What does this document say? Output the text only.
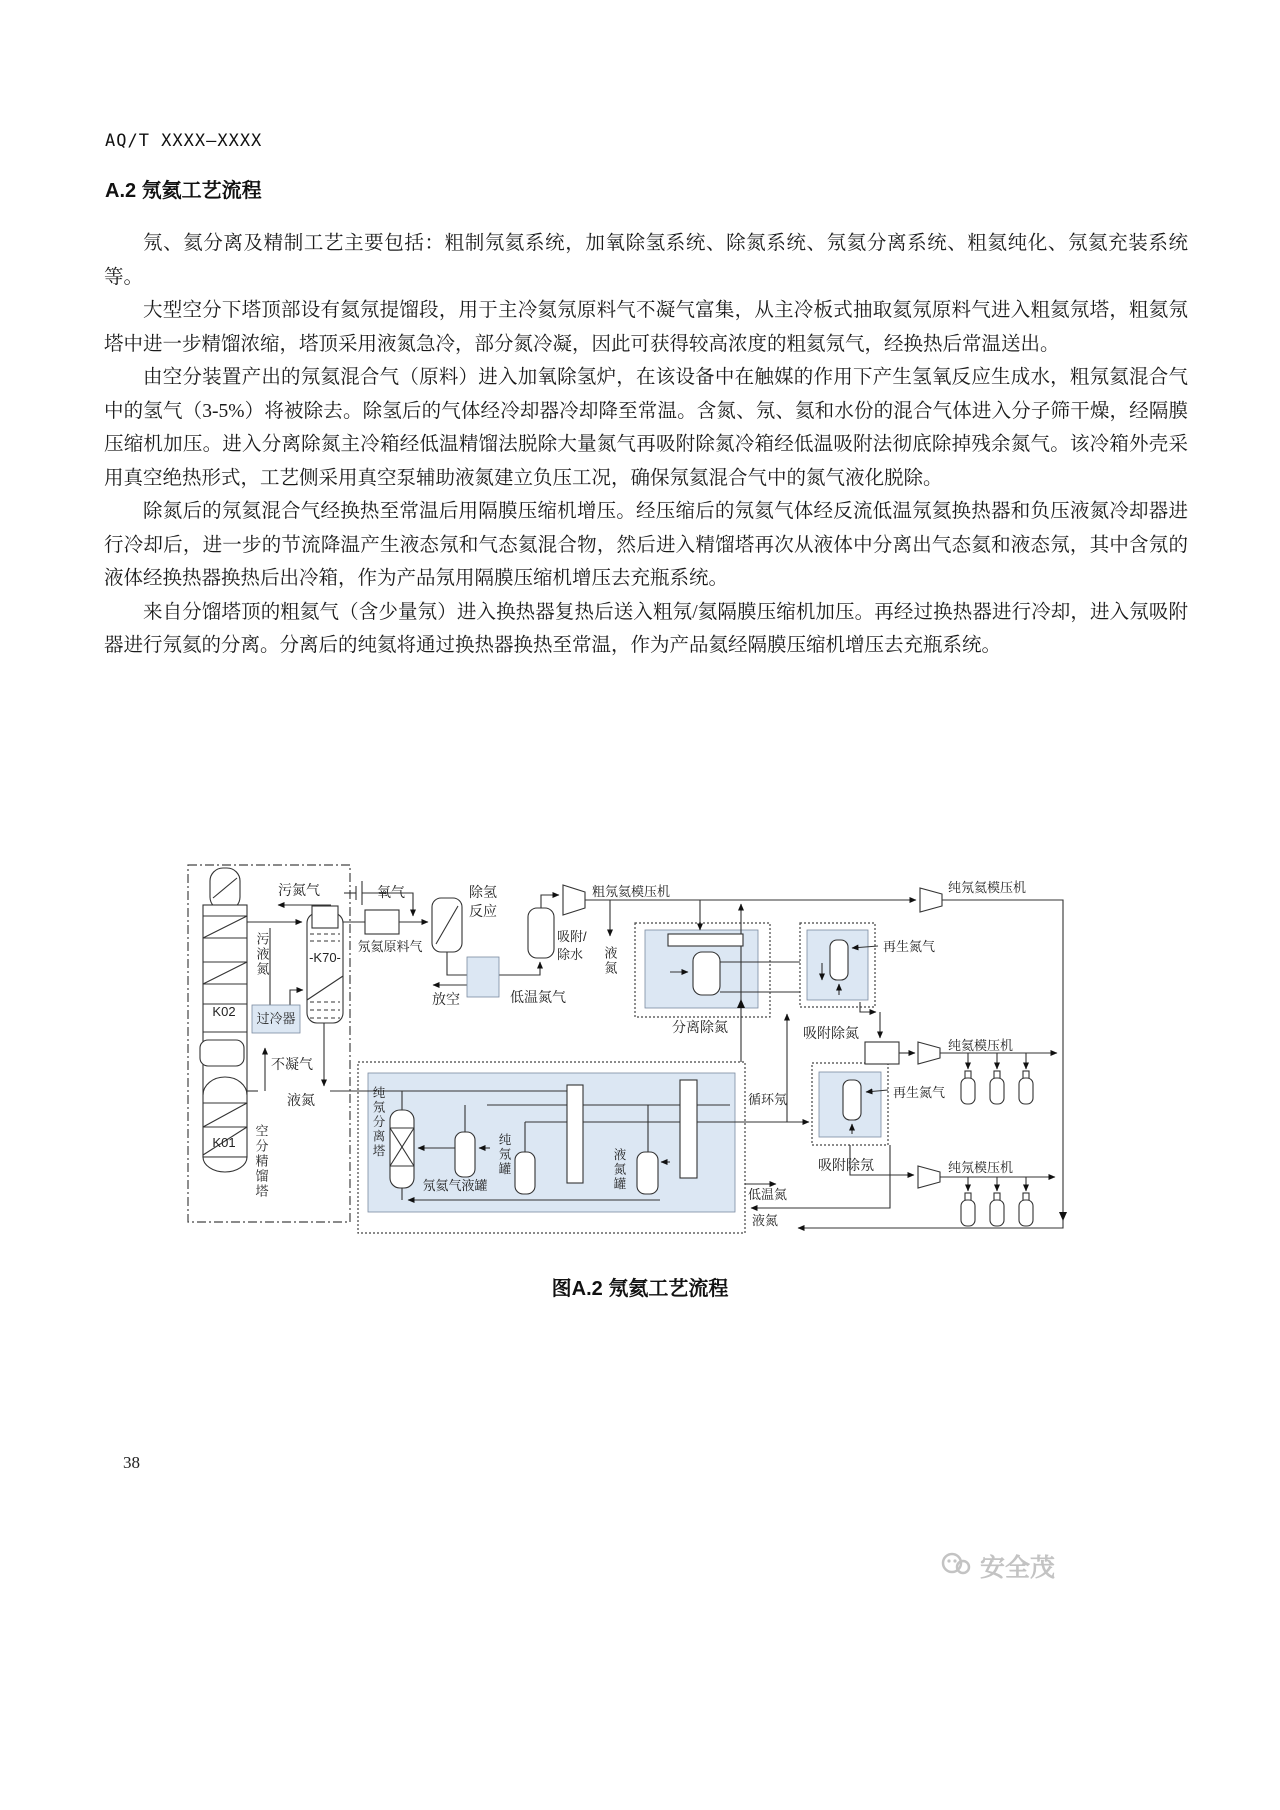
AQ/T XXXX—XXXX
A.2 氖氦工艺流程

氖、氦分离及精制工艺主要包括：粗制氖氦系统，加氧除氢系统、除氮系统、氖氦分离系统、粗氦纯化、氖氦充装系统等。

大型空分下塔顶部设有氦氖提馏段，用于主冷氦氖原料气不凝气富集，从主冷板式抽取氦氖原料气进入粗氦氖塔，粗氦氖塔中进一步精馏浓缩，塔顶采用液氮急冷，部分氮冷凝，因此可获得较高浓度的粗氦氖气，经换热后常温送出。

由空分装置产出的氖氦混合气（原料）进入加氧除氢炉，在该设备中在触媒的作用下产生氢氧反应生成水，粗氖氦混合气中的氢气（3-5%）将被除去。除氢后的气体经冷却器冷却降至常温。含氮、氖、氦和水份的混合气体进入分子筛干燥，经隔膜压缩机加压。进入分离除氮主冷箱经低温精馏法脱除大量氮气再吸附除氮冷箱经低温吸附法彻底除掉残余氮气。该冷箱外壳采用真空绝热形式，工艺侧采用真空泵辅助液氮建立负压工况，确保氖氦混合气中的氮气液化脱除。

除氮后的氖氦混合气经换热至常温后用隔膜压缩机增压。经压缩后的氖氦气体经反流低温氖氦换热器和负压液氮冷却器进行冷却后，进一步的节流降温产生液态氖和气态氦混合物，然后进入精馏塔再次从液体中分离出气态氦和液态氖，其中含氖的液体经换热器换热后出冷箱，作为产品氖用隔膜压缩机增压去充瓶系统。

来自分馏塔顶的粗氦气（含少量氖）进入换热器复热后送入粗氖/氦隔膜压缩机加压。再经过换热器进行冷却，进入氖吸附器进行氖氦的分离。分离后的纯氦将通过换热器换热至常温，作为产品氦经隔膜压缩机增压去充瓶系统。

K02
K01 空分精馏塔
-K70-
过冷器
污氮气
污液氮
不凝气
液氮
氧气
氖氦原料气
除氢
反应
放空	低温氮气
吸附/
除水
粗氖氦模压机
液氮
分离除氮	吸附除氮
再生氮气
纯氖氦模压机
纯氦模压机
循环氖
吸附除氖
再生氮气
纯氖模压机
纯氖分离塔
氖氦气液罐
纯氖罐	液氮罐
低温氮
液氮
图A.2 氖氦工艺流程
38
安全茂
